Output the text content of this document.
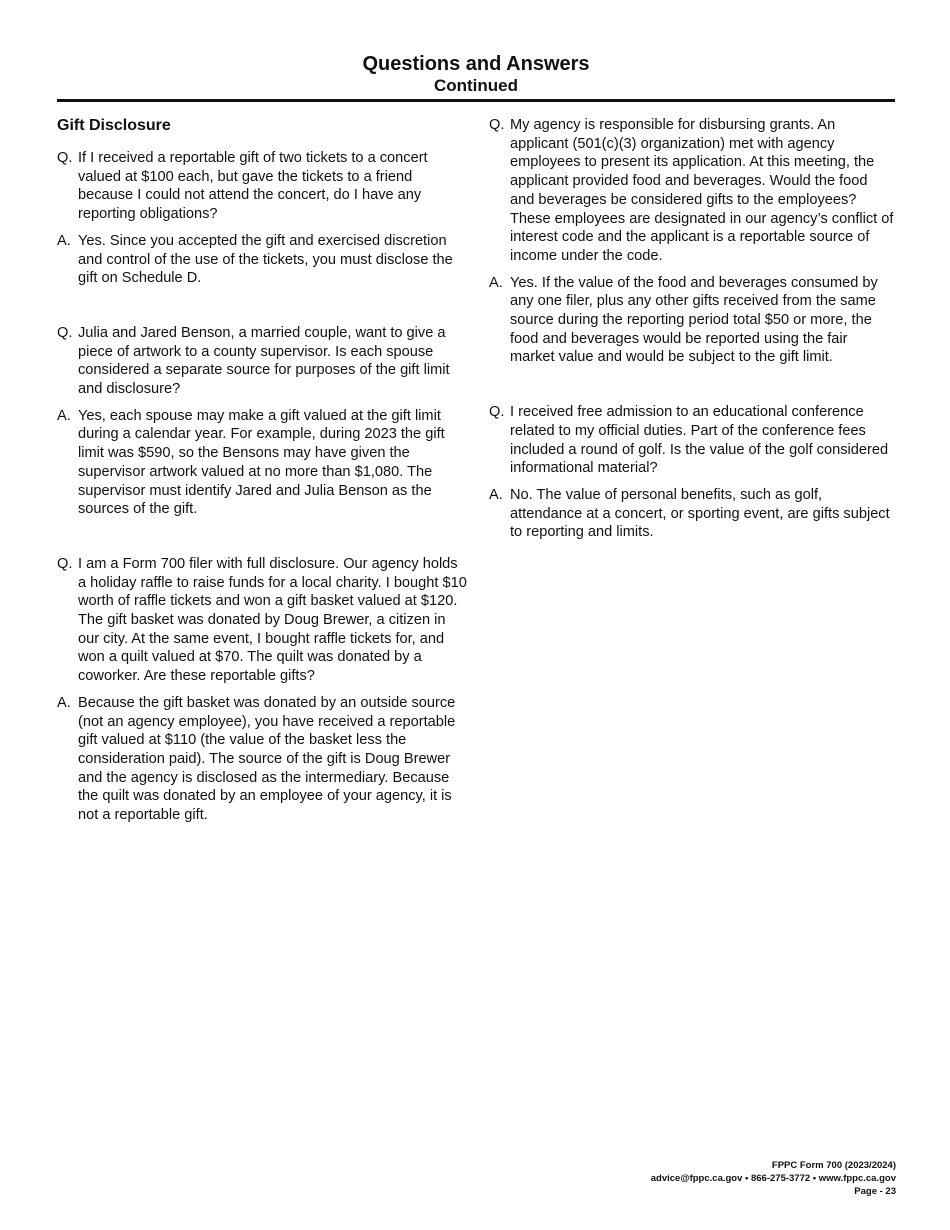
Questions and Answers
Continued
Gift Disclosure
Q. If I received a reportable gift of two tickets to a concert valued at $100 each, but gave the tickets to a friend because I could not attend the concert, do I have any reporting obligations?
A. Yes. Since you accepted the gift and exercised discretion and control of the use of the tickets, you must disclose the gift on Schedule D.
Q. Julia and Jared Benson, a married couple, want to give a piece of artwork to a county supervisor. Is each spouse considered a separate source for purposes of the gift limit and disclosure?
A. Yes, each spouse may make a gift valued at the gift limit during a calendar year. For example, during 2023 the gift limit was $590, so the Bensons may have given the supervisor artwork valued at no more than $1,080. The supervisor must identify Jared and Julia Benson as the sources of the gift.
Q. I am a Form 700 filer with full disclosure. Our agency holds a holiday raffle to raise funds for a local charity. I bought $10 worth of raffle tickets and won a gift basket valued at $120. The gift basket was donated by Doug Brewer, a citizen in our city. At the same event, I bought raffle tickets for, and won a quilt valued at $70. The quilt was donated by a coworker. Are these reportable gifts?
A. Because the gift basket was donated by an outside source (not an agency employee), you have received a reportable gift valued at $110 (the value of the basket less the consideration paid). The source of the gift is Doug Brewer and the agency is disclosed as the intermediary. Because the quilt was donated by an employee of your agency, it is not a reportable gift.
Q. My agency is responsible for disbursing grants. An applicant (501(c)(3) organization) met with agency employees to present its application. At this meeting, the applicant provided food and beverages. Would the food and beverages be considered gifts to the employees? These employees are designated in our agency’s conflict of interest code and the applicant is a reportable source of income under the code.
A. Yes. If the value of the food and beverages consumed by any one filer, plus any other gifts received from the same source during the reporting period total $50 or more, the food and beverages would be reported using the fair market value and would be subject to the gift limit.
Q. I received free admission to an educational conference related to my official duties. Part of the conference fees included a round of golf. Is the value of the golf considered informational material?
A. No. The value of personal benefits, such as golf, attendance at a concert, or sporting event, are gifts subject to reporting and limits.
FPPC Form 700 (2023/2024)
advice@fppc.ca.gov • 866-275-3772 • www.fppc.ca.gov
Page - 23
